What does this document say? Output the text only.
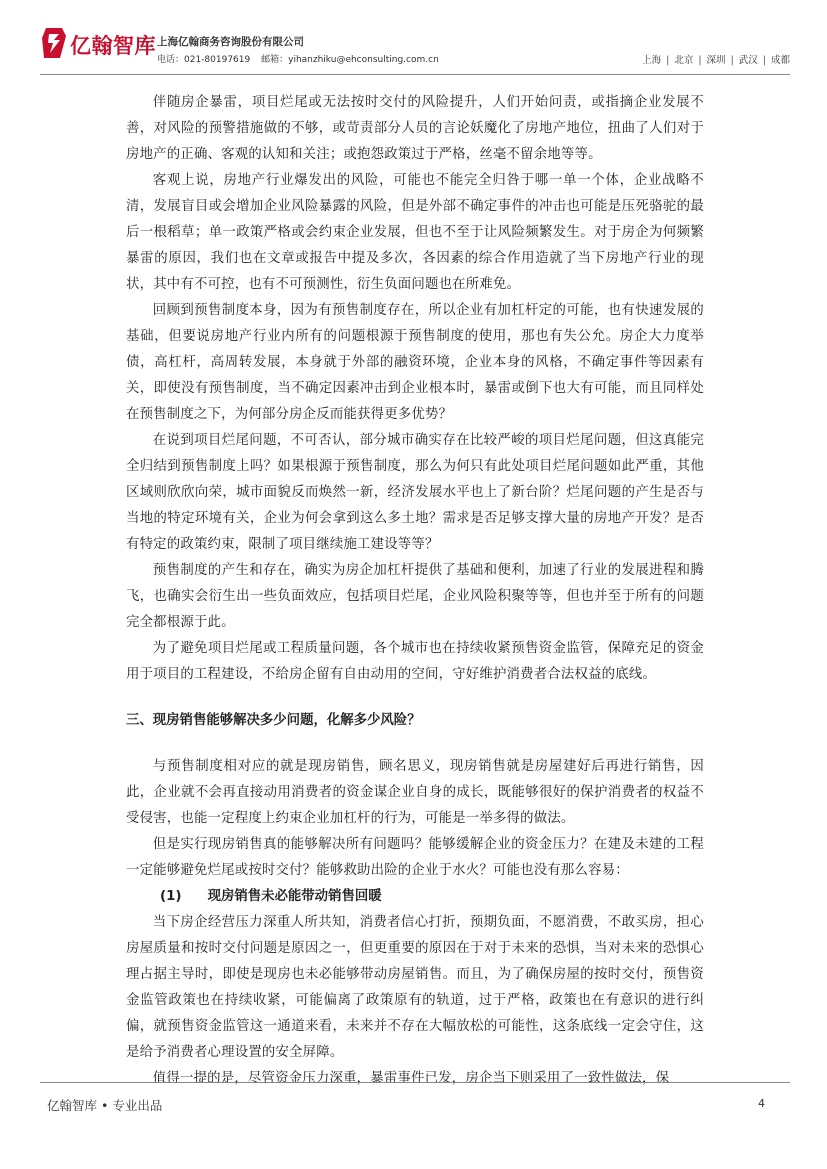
亿翰智库 上海亿翰商务咨询股份有限公司
电话：021-80197619 邮箱：yihanzhiku@ehconsulting.com.cn	上海 | 北京 | 深圳 | 武汉 | 成都

伴随房企暴雷，项目烂尾或无法按时交付的风险提升，人们开始问责，或指摘企业发展不善，对风险的预警措施做的不够，或苛责部分人员的言论妖魔化了房地产地位，扭曲了人们对于房地产的正确、客观的认知和关注；或抱怨政策过于严格，丝毫不留余地等等。

客观上说，房地产行业爆发出的风险，可能也不能完全归咎于哪一单一个体，企业战略不清，发展盲目或会增加企业风险暴露的风险，但是外部不确定事件的冲击也可能是压死骆驼的最后一根稻草；单一政策严格或会约束企业发展，但也不至于让风险频繁发生。对于房企为何频繁暴雷的原因，我们也在文章或报告中提及多次，各因素的综合作用造就了当下房地产行业的现状，其中有不可控，也有不可预测性，衍生负面问题也在所难免。

回顾到预售制度本身，因为有预售制度存在，所以企业有加杠杆定的可能，也有快速发展的基础，但要说房地产行业内所有的问题根源于预售制度的使用，那也有失公允。房企大力度举债，高杠杆，高周转发展，本身就于外部的融资环境，企业本身的风格，不确定事件等因素有关，即使没有预售制度，当不确定因素冲击到企业根本时，暴雷或倒下也大有可能，而且同样处在预售制度之下，为何部分房企反而能获得更多优势？

在说到项目烂尾问题，不可否认，部分城市确实存在比较严峻的项目烂尾问题，但这真能完全归结到预售制度上吗？如果根源于预售制度，那么为何只有此处项目烂尾问题如此严重，其他区域则欣欣向荣，城市面貌反而焕然一新，经济发展水平也上了新台阶？烂尾问题的产生是否与当地的特定环境有关，企业为何会拿到这么多土地？需求是否足够支撑大量的房地产开发？是否有特定的政策约束，限制了项目继续施工建设等等？

预售制度的产生和存在，确实为房企加杠杆提供了基础和便利，加速了行业的发展进程和腾飞，也确实会衍生出一些负面效应，包括项目烂尾，企业风险积聚等等，但也并至于所有的问题完全都根源于此。

为了避免项目烂尾或工程质量问题，各个城市也在持续收紧预售资金监管，保障充足的资金用于项目的工程建设，不给房企留有自由动用的空间，守好维护消费者合法权益的底线。

三、现房销售能够解决多少问题，化解多少风险？

与预售制度相对应的就是现房销售，顾名思义，现房销售就是房屋建好后再进行销售，因此，企业就不会再直接动用消费者的资金谋企业自身的成长，既能够很好的保护消费者的权益不受侵害，也能一定程度上约束企业加杠杆的行为，可能是一举多得的做法。

但是实行现房销售真的能够解决所有问题吗？能够缓解企业的资金压力？在建及未建的工程一定能够避免烂尾或按时交付？能够救助出险的企业于水火？可能也没有那么容易：

(1) 现房销售未必能带动销售回暖

当下房企经营压力深重人所共知，消费者信心打折，预期负面，不愿消费，不敢买房，担心房屋质量和按时交付问题是原因之一，但更重要的原因在于对于未来的恐惧，当对未来的恐惧心理占据主导时，即使是现房也未必能够带动房屋销售。而且，为了确保房屋的按时交付，预售资金监管政策也在持续收紧，可能偏离了政策原有的轨道，过于严格，政策也在有意识的进行纠偏，就预售资金监管这一通道来看，未来并不存在大幅放松的可能性，这条底线一定会守住，这是给予消费者心理设置的安全屏障。

值得一提的是，尽管资金压力深重，暴雷事件已发，房企当下则采用了一致性做法，保

亿翰智库 • 专业出品	4
